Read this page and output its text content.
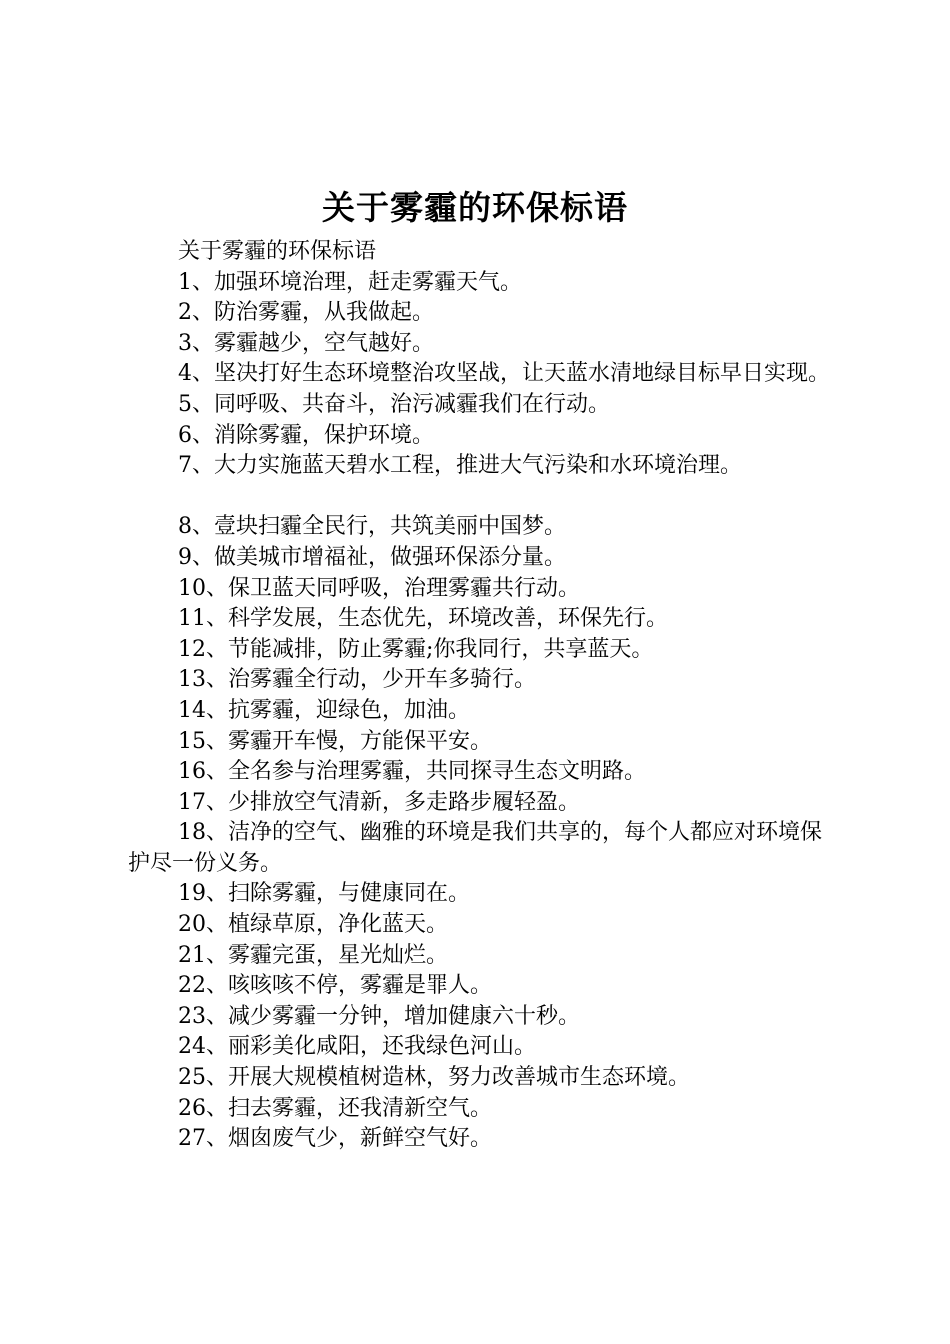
关于雾霾的环保标语

关于雾霾的环保标语

1、加强环境治理，赶走雾霾天气。

2、防治雾霾，从我做起。

3、雾霾越少，空气越好。

4、坚决打好生态环境整治攻坚战，让天蓝水清地绿目标早日实现。

5、同呼吸、共奋斗，治污减霾我们在行动。

6、消除雾霾，保护环境。

7、大力实施蓝天碧水工程，推进大气污染和水环境治理。

8、壹块扫霾全民行，共筑美丽中国梦。

9、做美城市增福祉，做强环保添分量。

10、保卫蓝天同呼吸，治理雾霾共行动。

11、科学发展，生态优先，环境改善，环保先行。

12、节能减排，防止雾霾;你我同行，共享蓝天。

13、治雾霾全行动，少开车多骑行。

14、抗雾霾，迎绿色，加油。

15、雾霾开车慢，方能保平安。

16、全名参与治理雾霾，共同探寻生态文明路。

17、少排放空气清新，多走路步履轻盈。

18、洁净的空气、幽雅的环境是我们共享的，每个人都应对环境保护尽一份义务。

19、扫除雾霾，与健康同在。

20、植绿草原，净化蓝天。

21、雾霾完蛋，星光灿烂。

22、咳咳咳不停，雾霾是罪人。

23、减少雾霾一分钟，增加健康六十秒。

24、丽彩美化咸阳，还我绿色河山。

25、开展大规模植树造林，努力改善城市生态环境。

26、扫去雾霾，还我清新空气。

27、烟囱废气少，新鲜空气好。
